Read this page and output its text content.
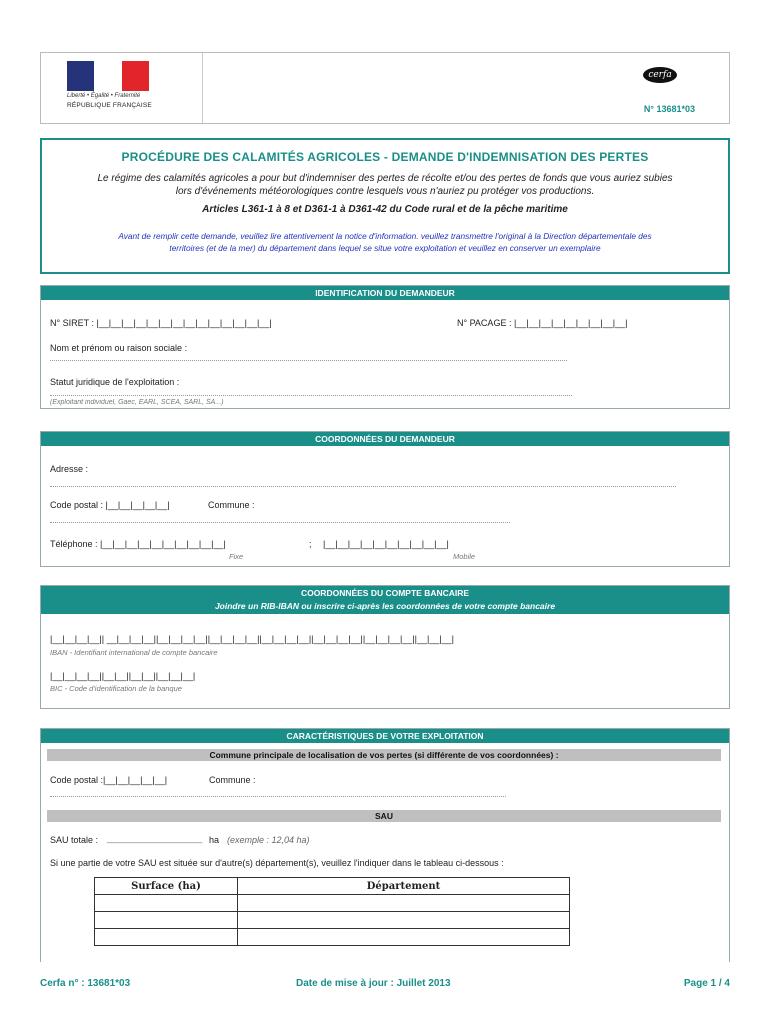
Liberté • Égalité • Fraternité
RÉPUBLIQUE FRANÇAISE
cerfa
N° 13681*03
PROCÉDURE DES CALAMITÉS AGRICOLES - DEMANDE D'INDEMNISATION DES PERTES
Le régime des calamités agricoles a pour but d'indemniser des pertes de récolte et/ou des pertes de fonds que vous auriez subies
lors d'événements météorologiques contre lesquels vous n'auriez pu protéger vos productions.
Articles L361-1 à 8 et D361-1 à D361-42 du Code rural et de la pêche maritime
Avant de remplir cette demande, veuillez lire attentivement la notice d'information. veuillez transmettre l'original à la Direction départementale des
territoires (et de la mer) du département dans lequel se situe votre exploitation et veuillez en conserver un exemplaire
IDENTIFICATION DU DEMANDEUR
N° SIRET : |__|__|__|__|__|__|__|__|__|__|__|__|__|__|	N° PACAGE : |__|__|__|__|__|__|__|__|__|
Nom et prénom ou raison sociale :
Statut juridique de l'exploitation :
(Exploitant individuel, Gaec, EARL, SCEA, SARL, SA...)
COORDONNÉES DU DEMANDEUR
Adresse :
Code postal : |__|__|__|__|__|	Commune :
Téléphone : |__|__|__|__|__|__|__|__|__|__|	; |__|__|__|__|__|__|__|__|__|__|
Fixe	Mobile
COORDONNÉES DU COMPTE BANCAIRE
Joindre un RIB-IBAN ou inscrire ci-après les coordonnées de votre compte bancaire
|__|__|__|__|| __|__|__|__||__|__|__|__||__|__|__|__||__|__|__|__||__|__|__|__||__|__|__|__||__|__|__|
IBAN - Identifiant international de compte bancaire
|__|__|__|__||__|__||__|__||__|__|__|
BIC - Code d'identification de la banque
CARACTÉRISTIQUES DE VOTRE EXPLOITATION
Commune principale de localisation de vos pertes (si différente de vos coordonnées) :
Code postal :|__|__|__|__|__|	Commune :
SAU
SAU totale : ___________________ ha (exemple : 12,04 ha)
Si une partie de votre SAU est située sur d'autre(s) département(s), veuillez l'indiquer dans le tableau ci-dessous :
Surface (ha)	Département

Cerfa n° : 13681*03	Date de mise à jour : Juillet 2013	Page 1 / 4
